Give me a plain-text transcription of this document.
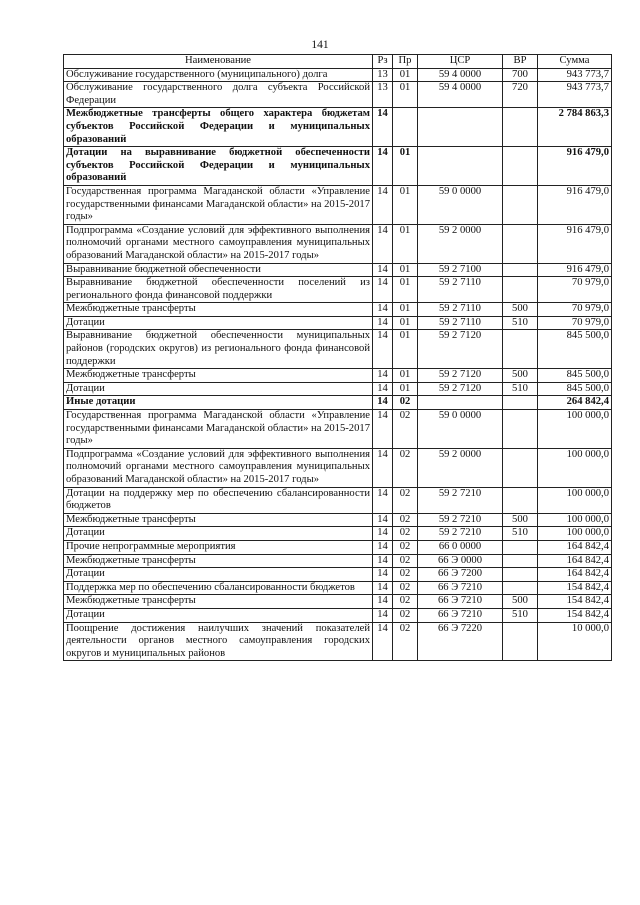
141
Наименование	Рз	Пр	ЦСР	ВР	Сумма
Обслуживание государственного (муниципального) долга	13	01	59 4 0000	700	943 773,7
Обслуживание государственного долга субъекта Российской Федерации	13	01	59 4 0000	720	943 773,7
Межбюджетные трансферты общего характера бюджетам субъектов Российской Федерации и муниципальных образований	14				2 784 863,3
Дотации на выравнивание бюджетной обеспеченности субъектов Российской Федерации и муниципальных образований	14	01			916 479,0
Государственная программа Магаданской области «Управление государственными финансами Магаданской области» на 2015-2017 годы»	14	01	59 0 0000		916 479,0
Подпрограмма «Создание условий для эффективного выполнения полномочий органами местного самоуправления муниципальных образований Магаданской области» на 2015-2017 годы»	14	01	59 2 0000		916 479,0
Выравнивание бюджетной обеспеченности	14	01	59 2 7100		916 479,0
Выравнивание бюджетной обеспеченности поселений из регионального фонда финансовой поддержки	14	01	59 2 7110		70 979,0
Межбюджетные трансферты	14	01	59 2 7110	500	70 979,0
Дотации	14	01	59 2 7110	510	70 979,0
Выравнивание бюджетной обеспеченности муниципальных районов (городских округов) из регионального фонда финансовой поддержки	14	01	59 2 7120		845 500,0
Межбюджетные трансферты	14	01	59 2 7120	500	845 500,0
Дотации	14	01	59 2 7120	510	845 500,0
Иные дотации	14	02			264 842,4
Государственная программа Магаданской области «Управление государственными финансами Магаданской области» на 2015-2017 годы»	14	02	59 0 0000		100 000,0
Подпрограмма «Создание условий для эффективного выполнения полномочий органами местного самоуправления муниципальных образований Магаданской области» на 2015-2017 годы»	14	02	59 2 0000		100 000,0
Дотации на поддержку мер по обеспечению сбалансированности бюджетов	14	02	59 2 7210		100 000,0
Межбюджетные трансферты	14	02	59 2 7210	500	100 000,0
Дотации	14	02	59 2 7210	510	100 000,0
Прочие непрограммные мероприятия	14	02	66 0 0000		164 842,4
Межбюджетные трансферты	14	02	66 Э 0000		164 842,4
Дотации	14	02	66 Э 7200		164 842,4
Поддержка мер по обеспечению сбалансированности бюджетов	14	02	66 Э 7210		154 842,4
Межбюджетные трансферты	14	02	66 Э 7210	500	154 842,4
Дотации	14	02	66 Э 7210	510	154 842,4
Поощрение достижения наилучших значений показателей деятельности органов местного самоуправления городских округов и муниципальных районов	14	02	66 Э 7220		10 000,0
